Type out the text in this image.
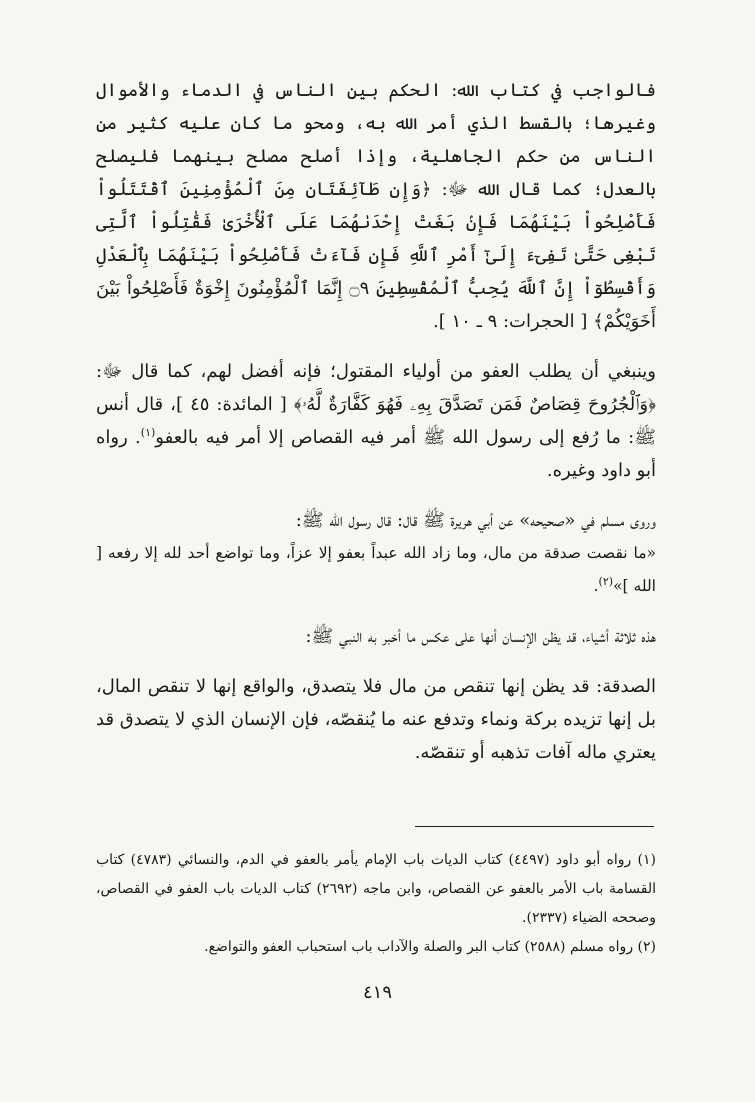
فالواجب في كتاب الله: الحكم بين الناس في الدماء والأموال وغيرها؛ بالقسط الذي أمر الله به، ومحو ما كان عليه كثير من الناس من حكم الجاهلية، وإذا أصلح مصلح بينهما فليصلح بالعدل؛ كما قال الله ﷻ: ﴿وَإِن طَآئِفَتَانِ مِنَ ٱلْمُؤْمِنِينَ ٱقْتَتَلُواْ فَأَصْلِحُواْ بَيْنَهُمَا فَإِنۢ بَغَتْ إِحْدَىٰهُمَا عَلَى ٱلْأُخْرَىٰ فَقَٰتِلُواْ ٱلَّتِى تَبْغِى حَتَّىٰ تَفِىٓءَ إِلَىٰٓ أَمْرِ ٱللَّهِ فَإِن فَآءَتْ فَأَصْلِحُواْ بَيْنَهُمَا بِٱلْعَدْلِ وَأَقْسِطُوٓاْ إِنَّ ٱللَّهَ يُحِبُّ ٱلْمُقْسِطِينَ ۝٩ إِنَّمَا ٱلْمُؤْمِنُونَ إِخْوَةٌ فَأَصْلِحُواْ بَيْنَ أَخَوَيْكُمْ﴾ [ الحجرات: ٩ ـ ١٠ ].

وينبغي أن يطلب العفو من أولياء المقتول؛ فإنه أفضل لهم، كما قال ﷻ: ﴿وَٱلْجُرُوحَ قِصَاصٌ فَمَن تَصَدَّقَ بِهِۦ فَهُوَ كَفَّارَةٌ لَّهُۥ﴾ [ المائدة: ٤٥ ]، قال أنس ﷺ: ما رُفع إلى رسول الله ﷺ أمر فيه القصاص إلا أمر فيه بالعفو$^{(١)}$. رواه أبو داود وغيره.

وروى مسلم في «صحيحه» عن أبي هريرة ﷺ قال: قال رسول الله ﷺ:

«ما نقصت صدقة من مال، وما زاد الله عبداً بعفو إلا عزاً، وما تواضع أحد لله إلا رفعه [ الله ]»$^{(٢)}$.

هذه ثلاثة أشياء، قد يظن الإنسان أنها على عكس ما أخبر به النبي ﷺ:

الصدقة: قد يظن إنها تنقص من مال فلا يتصدق، والواقع إنها لا تنقص المال، بل إنها تزيده بركة ونماء وتدفع عنه ما يُنقصّه، فإن الإنسان الذي لا يتصدق قد يعتري ماله آفات تذهبه أو تنقصّه.

(١) رواه أبو داود (٤٤٩٧) كتاب الديات باب الإمام يأمر بالعفو في الدم، والنسائي (٤٧٨٣) كتاب القسامة باب الأمر بالعفو عن القصاص، وابن ماجه (٢٦٩٢) كتاب الديات باب العفو في القصاص، وصححه الضياء (٢٣٣٧).

(٢) رواه مسلم (٢٥٨٨) كتاب البر والصلة والآداب باب استحباب العفو والتواضع.

٤١٩
